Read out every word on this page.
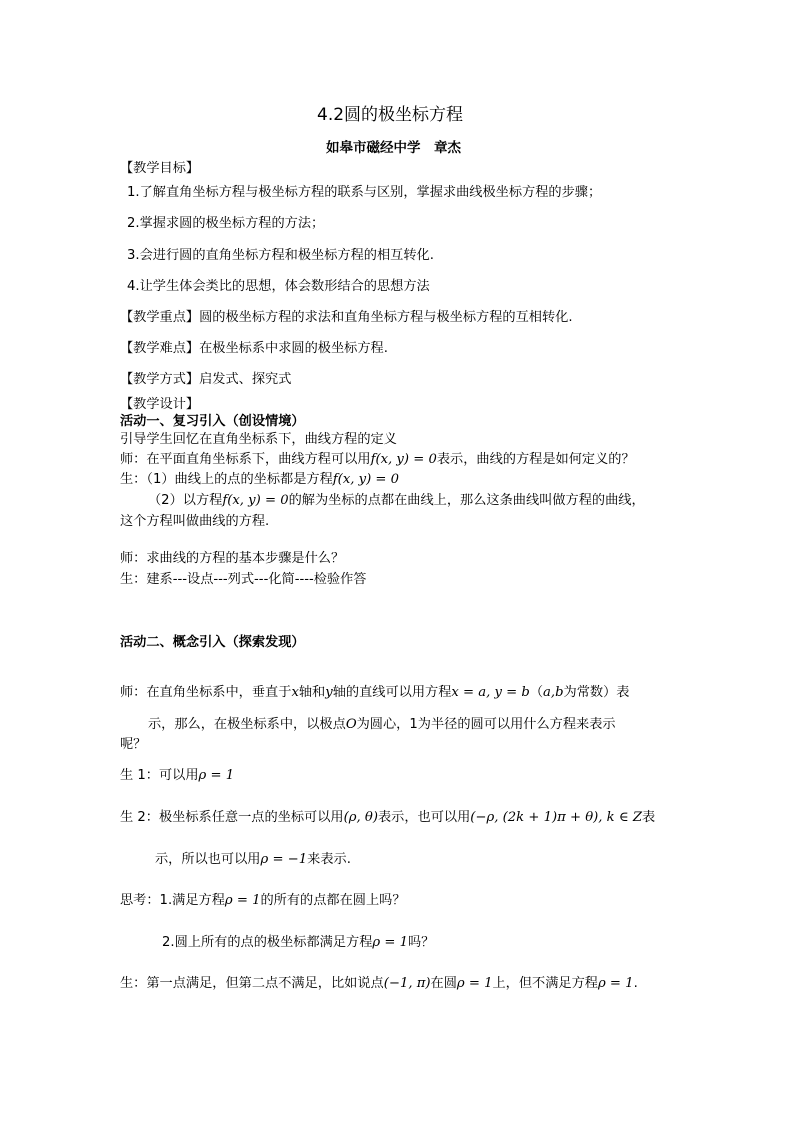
4.2圆的极坐标方程
如皋市磁经中学　章杰
【教学目标】
1.了解直角坐标方程与极坐标方程的联系与区别，掌握求曲线极坐标方程的步骤；
2.掌握求圆的极坐标方程的方法；
3.会进行圆的直角坐标方程和极坐标方程的相互转化.
4.让学生体会类比的思想，体会数形结合的思想方法
【教学重点】圆的极坐标方程的求法和直角坐标方程与极坐标方程的互相转化.
【教学难点】在极坐标系中求圆的极坐标方程.
【教学方式】启发式、探究式
【教学设计】
活动一、复习引入（创设情境）
引导学生回忆在直角坐标系下，曲线方程的定义
师：在平面直角坐标系下，曲线方程可以用f(x, y) = 0表示，曲线的方程是如何定义的？
生：（1）曲线上的点的坐标都是方程f(x, y) = 0
（2）以方程f(x, y) = 0的解为坐标的点都在曲线上，那么这条曲线叫做方程的曲线，
这个方程叫做曲线的方程.
师：求曲线的方程的基本步骤是什么？
生：建系---设点---列式---化简----检验作答
活动二、概念引入（探索发现）
师：在直角坐标系中，垂直于x轴和y轴的直线可以用方程x = a, y = b（a,b为常数）表
示，那么，在极坐标系中，以极点O为圆心，1为半径的圆可以用什么方程来表示
呢？
生 1：可以用ρ = 1
生 2：极坐标系任意一点的坐标可以用(ρ, θ)表示，也可以用(−ρ, (2k + 1)π + θ), k ∈ Z表
示，所以也可以用ρ = −1来表示.
思考：1.满足方程ρ = 1的所有的点都在圆上吗？
2.圆上所有的点的极坐标都满足方程ρ = 1吗？
生：第一点满足，但第二点不满足，比如说点(−1, π)在圆ρ = 1上，但不满足方程ρ = 1.
